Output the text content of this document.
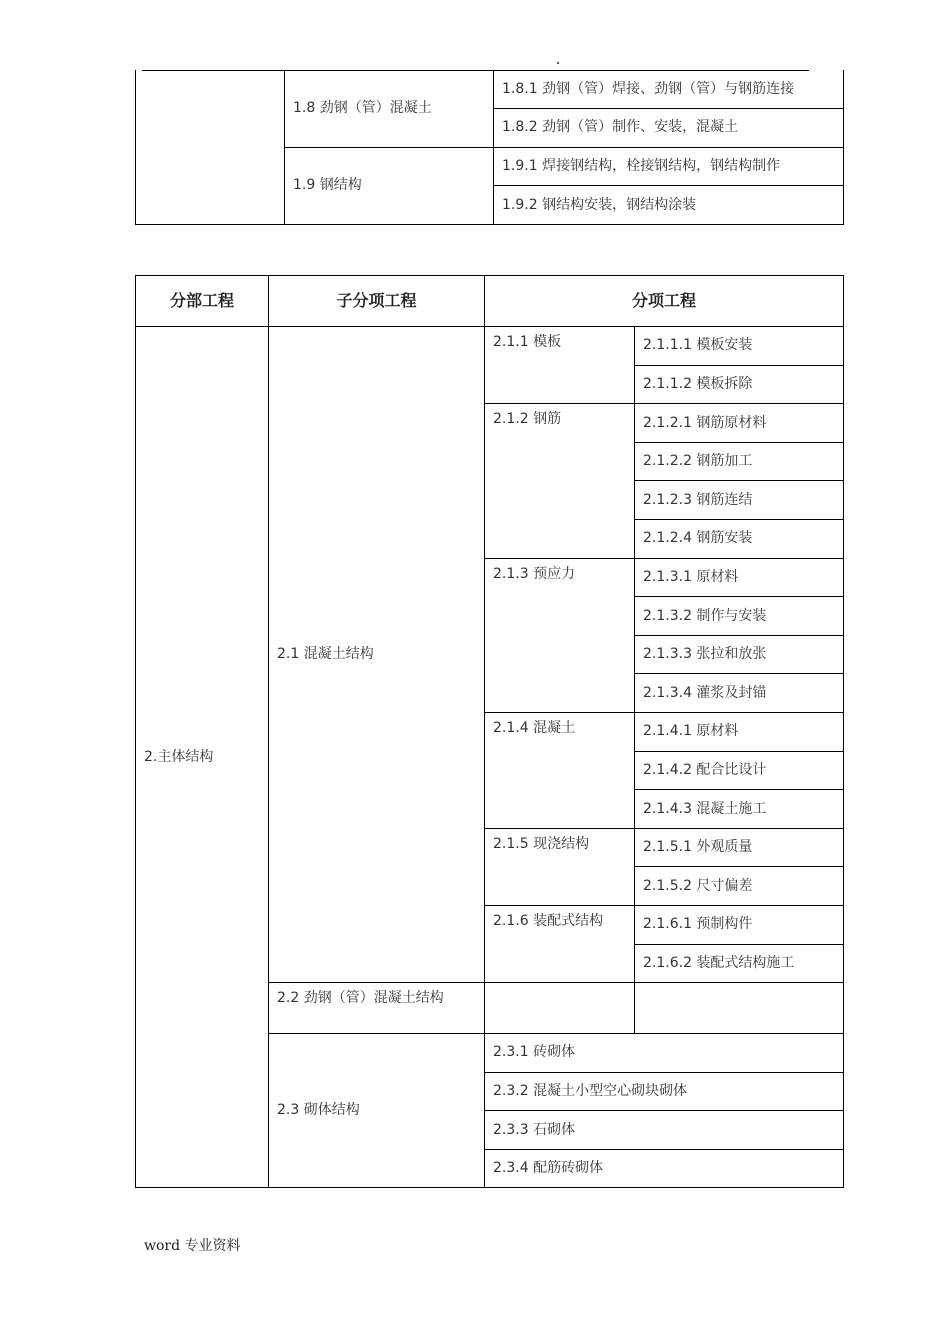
	1.8 劲钢（管）混凝土	1.8.1 劲钢（管）焊接、劲钢（管）与钢筋连接
		1.8.2 劲钢（管）制作、安装，混凝土
	1.9 钢结构	1.9.1 焊接钢结构，栓接钢结构，钢结构制作
		1.9.2 钢结构安装，钢结构涂装
分部工程	子分项工程	分项工程	
2.主体结构	2.1 混凝土结构	2.1.1 模板	2.1.1.1 模板安装
			2.1.1.2 模板拆除
		2.1.2 钢筋	2.1.2.1 钢筋原材料
			2.1.2.2 钢筋加工
			2.1.2.3 钢筋连结
			2.1.2.4 钢筋安装
		2.1.3 预应力	2.1.3.1 原材料
			2.1.3.2 制作与安装
			2.1.3.3 张拉和放张
			2.1.3.4 灌浆及封锚
		2.1.4 混凝土	2.1.4.1 原材料
			2.1.4.2 配合比设计
			2.1.4.3 混凝土施工
		2.1.5 现浇结构	2.1.5.1 外观质量
			2.1.5.2 尺寸偏差
		2.1.6 装配式结构	2.1.6.1 预制构件
			2.1.6.2 装配式结构施工
	2.2 劲钢（管）混凝土结构		
	2.3 砌体结构	2.3.1 砖砌体	
		2.3.2 混凝土小型空心砌块砌体	
		2.3.3 石砌体	
		2.3.4 配筋砖砌体	
word 专业资料
